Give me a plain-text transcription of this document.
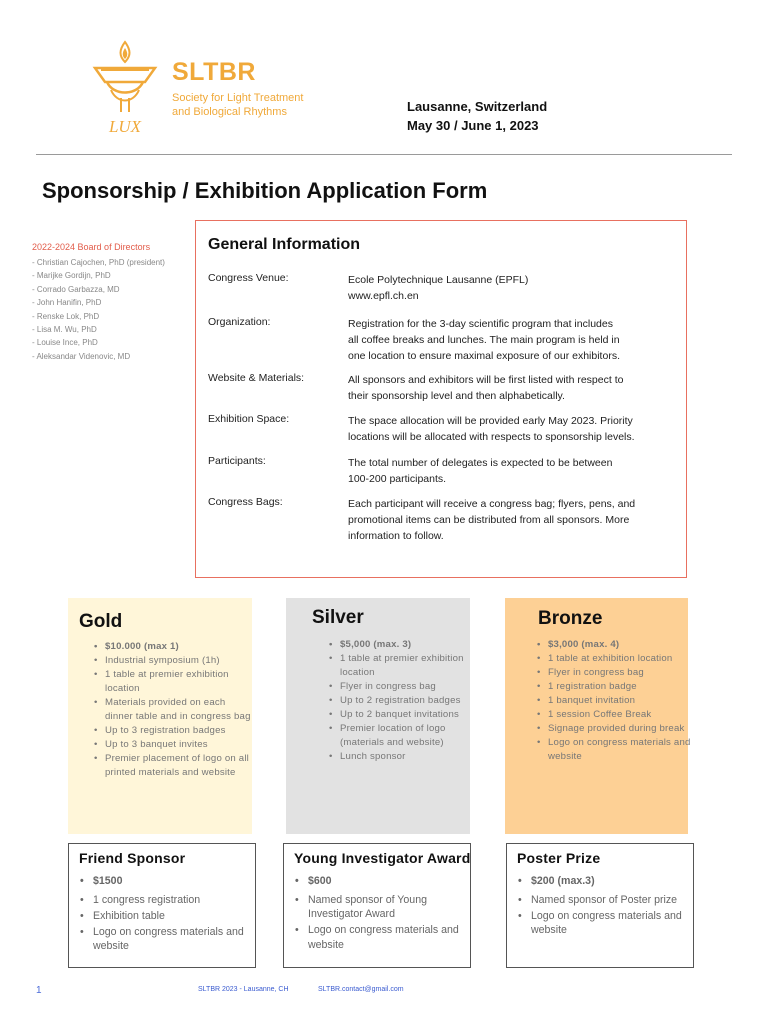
LUX
SLTBR
Society for Light Treatment
and Biological Rhythms	Lausanne, Switzerland
May 30 / June 1, 2023
Sponsorship / Exhibition Application Form
2022-2024 Board of Directors
- Christian Cajochen, PhD (president)
- Marijke Gordijn, PhD
- Corrado Garbazza, MD
- John Hanifin, PhD
- Renske Lok, PhD
- Lisa M. Wu, PhD
- Louise Ince, PhD
- Aleksandar Videnovic, MD
General Information
Congress Venue:	Ecole Polytechnique Lausanne (EPFL)
www.epfl.ch.en
Organization:	Registration for the 3-day scientific program that includes
all coffee breaks and lunches. The main program is held in
one location to ensure maximal exposure of our exhibitors.
Website & Materials:	All sponsors and exhibitors will be first listed with respect to
their sponsorship level and then alphabetically.
Exhibition Space:	The space allocation will be provided early May 2023. Priority
locations will be allocated with respects to sponsorship levels.
Participants:	The total number of delegates is expected to be between
100-200 participants.
Congress Bags:	Each participant will receive a congress bag; flyers, pens, and
promotional items can be distributed from all sponsors. More
information to follow.
Gold
• $10.000 (max 1)
• Industrial symposium (1h)
• 1 table at premier exhibition location
• Materials provided on each dinner table and in congress bag
• Up to 3 registration badges
• Up to 3 banquet invites
• Premier placement of logo on all printed materials and website
Silver
• $5,000 (max. 3)
• 1 table at premier exhibition location
• Flyer in congress bag
• Up to 2 registration badges
• Up to 2 banquet invitations
• Premier location of logo (materials and website)
• Lunch sponsor
Bronze
• $3,000 (max. 4)
• 1 table at exhibition location
• Flyer in congress bag
• 1 registration badge
• 1 banquet invitation
• 1 session Coffee Break
• Signage provided during break
• Logo on congress materials and website
Friend Sponsor
• $1500
• 1 congress registration
• Exhibition table
• Logo on congress materials and website
Young Investigator Award
• $600
• Named sponsor of Young Investigator Award
• Logo on congress materials and website
Poster Prize
• $200 (max.3)
• Named sponsor of Poster prize
• Logo on congress materials and website
1	SLTBR 2023 - Lausanne, CH	SLTBR.contact@gmail.com
